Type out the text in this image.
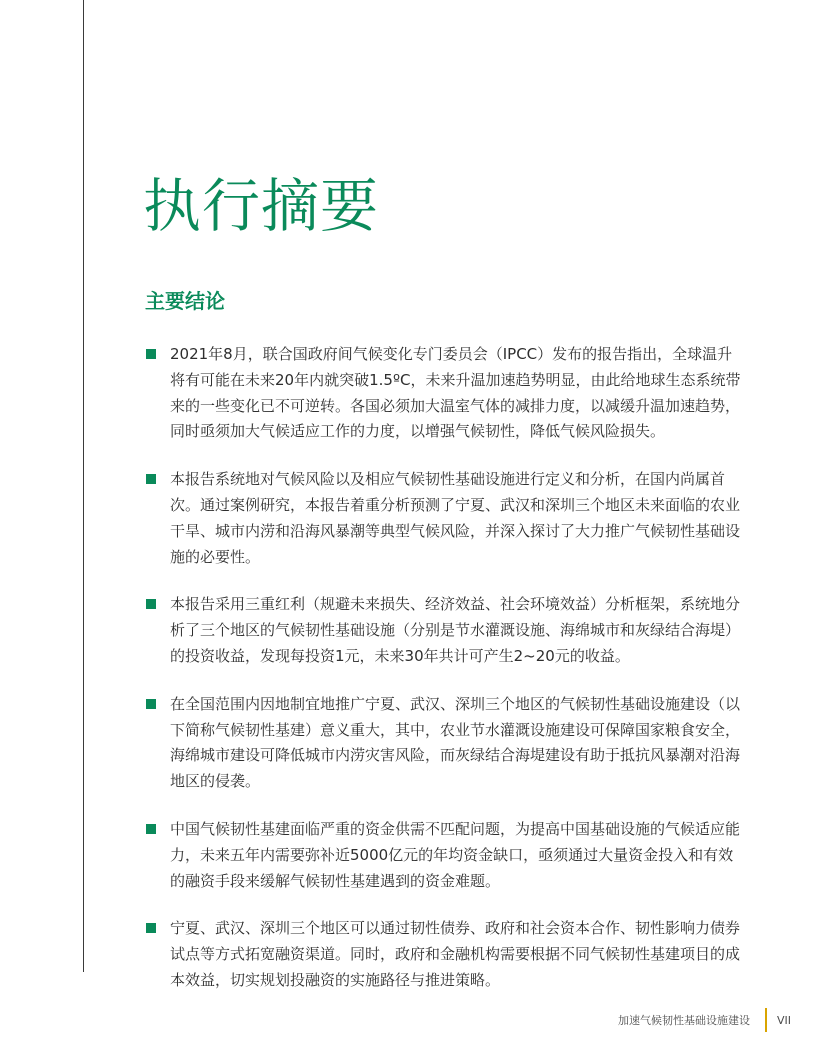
执行摘要
主要结论
2021年8月，联合国政府间气候变化专门委员会（IPCC）发布的报告指出，全球温升将有可能在未来20年内就突破1.5ºC，未来升温加速趋势明显，由此给地球生态系统带来的一些变化已不可逆转。各国必须加大温室气体的减排力度，以减缓升温加速趋势，同时亟须加大气候适应工作的力度，以增强气候韧性，降低气候风险损失。
本报告系统地对气候风险以及相应气候韧性基础设施进行定义和分析，在国内尚属首次。通过案例研究，本报告着重分析预测了宁夏、武汉和深圳三个地区未来面临的农业干旱、城市内涝和沿海风暴潮等典型气候风险，并深入探讨了大力推广气候韧性基础设施的必要性。
本报告采用三重红利（规避未来损失、经济效益、社会环境效益）分析框架，系统地分析了三个地区的气候韧性基础设施（分别是节水灌溉设施、海绵城市和灰绿结合海堤）的投资收益，发现每投资1元，未来30年共计可产生2~20元的收益。
在全国范围内因地制宜地推广宁夏、武汉、深圳三个地区的气候韧性基础设施建设（以下简称气候韧性基建）意义重大，其中，农业节水灌溉设施建设可保障国家粮食安全，海绵城市建设可降低城市内涝灾害风险，而灰绿结合海堤建设有助于抵抗风暴潮对沿海地区的侵袭。
中国气候韧性基建面临严重的资金供需不匹配问题，为提高中国基础设施的气候适应能力，未来五年内需要弥补近5000亿元的年均资金缺口，亟须通过大量资金投入和有效的融资手段来缓解气候韧性基建遇到的资金难题。
宁夏、武汉、深圳三个地区可以通过韧性债券、政府和社会资本合作、韧性影响力债券试点等方式拓宽融资渠道。同时，政府和金融机构需要根据不同气候韧性基建项目的成本效益，切实规划投融资的实施路径与推进策略。
加速气候韧性基础设施建设 VII
